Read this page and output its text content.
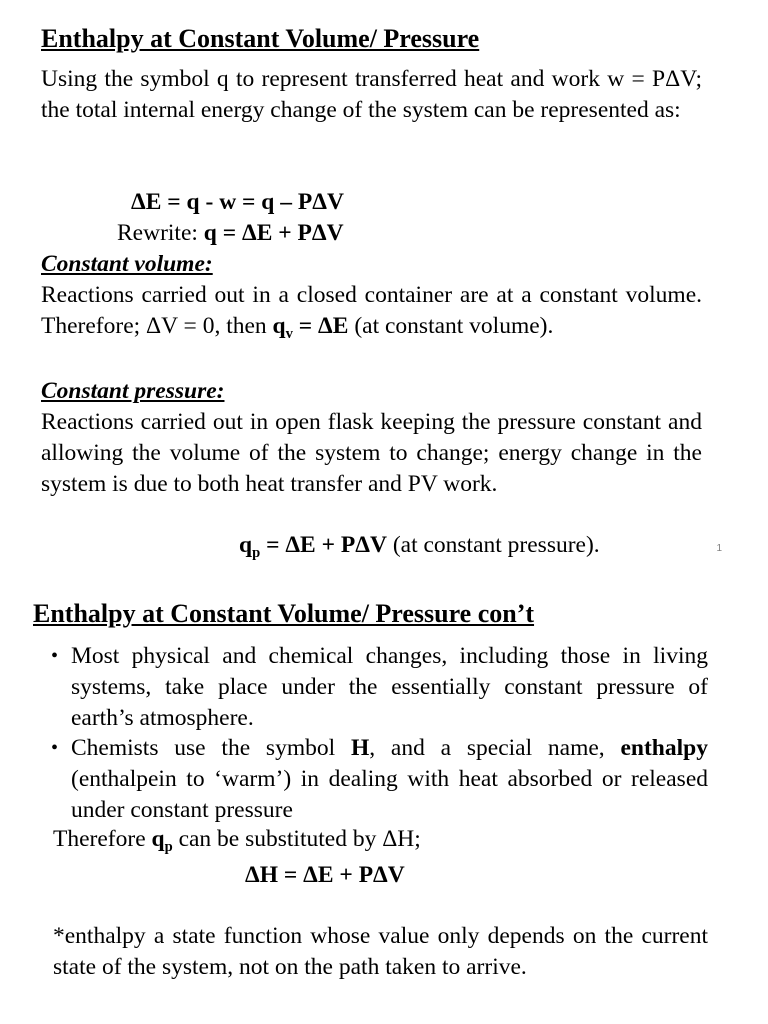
Enthalpy at Constant Volume/ Pressure

Using the symbol q to represent transferred heat and work w = PΔV; the total internal energy change of the system can be represented as:

ΔE = q - w = q – PΔV

Rewrite: q = ΔE + PΔV

Constant volume:

Reactions carried out in a closed container are at a constant volume. Therefore; ΔV = 0, then $q_v = \Delta E$ (at constant volume).

Constant pressure:

Reactions carried out in open flask keeping the pressure constant and allowing the volume of the system to change; energy change in the system is due to both heat transfer and PV work.

$q_p = \Delta E + P\Delta V$ (at constant pressure).	1
Enthalpy at Constant Volume/ Pressure con’t
• Most physical and chemical changes, including those in living systems, take place under the essentially constant pressure of earth’s atmosphere.
• Chemists use the symbol H, and a special name, enthalpy (enthalpein to ‘warm’) in dealing with heat absorbed or released under constant pressure

Therefore $q_p$ can be substituted by ΔH;

ΔH = ΔE + PΔV

*enthalpy a state function whose value only depends on the current state of the system, not on the path taken to arrive.
